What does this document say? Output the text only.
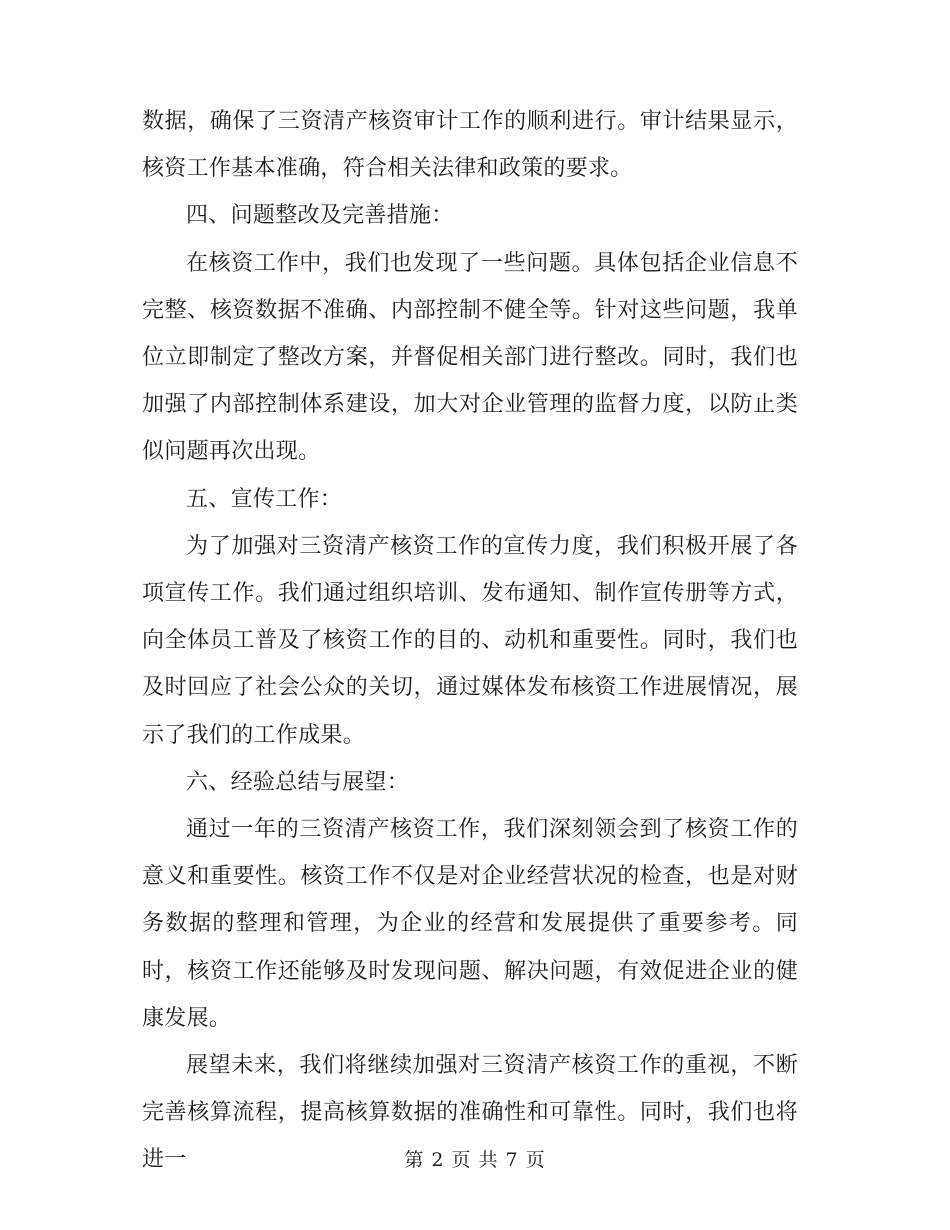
数据，确保了三资清产核资审计工作的顺利进行。审计结果显示，核资工作基本准确，符合相关法律和政策的要求。

四、问题整改及完善措施：

在核资工作中，我们也发现了一些问题。具体包括企业信息不完整、核资数据不准确、内部控制不健全等。针对这些问题，我单位立即制定了整改方案，并督促相关部门进行整改。同时，我们也加强了内部控制体系建设，加大对企业管理的监督力度，以防止类似问题再次出现。

五、宣传工作：

为了加强对三资清产核资工作的宣传力度，我们积极开展了各项宣传工作。我们通过组织培训、发布通知、制作宣传册等方式，向全体员工普及了核资工作的目的、动机和重要性。同时，我们也及时回应了社会公众的关切，通过媒体发布核资工作进展情况，展示了我们的工作成果。

六、经验总结与展望：

通过一年的三资清产核资工作，我们深刻领会到了核资工作的意义和重要性。核资工作不仅是对企业经营状况的检查，也是对财务数据的整理和管理，为企业的经营和发展提供了重要参考。同时，核资工作还能够及时发现问题、解决问题，有效促进企业的健康发展。

展望未来，我们将继续加强对三资清产核资工作的重视，不断完善核算流程，提高核算数据的准确性和可靠性。同时，我们也将进一	第 2 页 共 7 页
